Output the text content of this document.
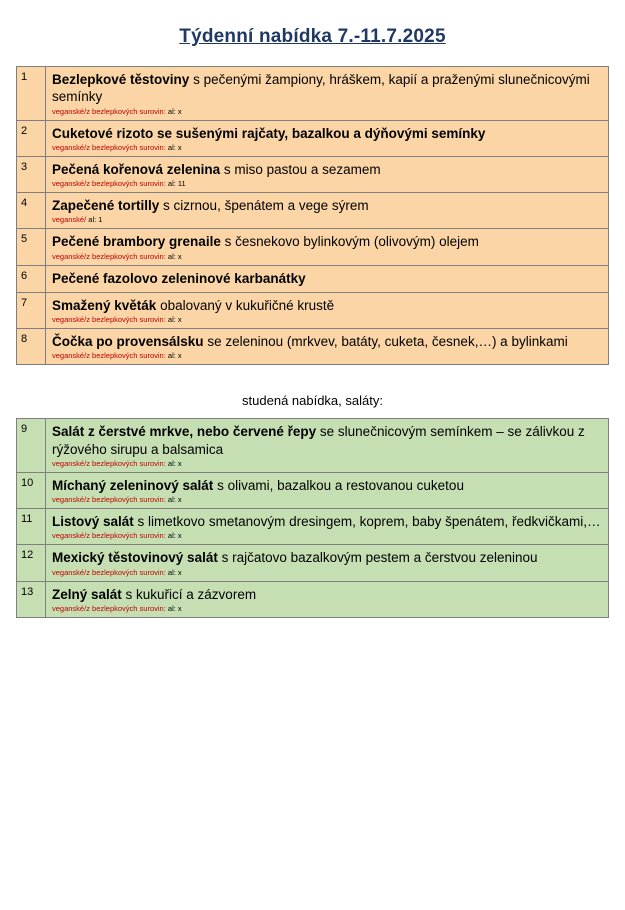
Týdenní nabídka 7.-11.7.2025
1	Bezlepkové těstoviny s pečenými žampiony, hráškem, kapií a praženými slunečnicovými semínky
veganské/z bezlepkových surovin: al: x

2	Cuketové rizoto se sušenými rajčaty, bazalkou a dýňovými semínky
veganské/z bezlepkových surovin: al: x

3	Pečená kořenová zelenina s miso pastou a sezamem
veganské/z bezlepkových surovin: al: 11

4	Zapečené tortilly s cizrnou, špenátem a vege sýrem
veganské/ al: 1

5	Pečené brambory grenaile s česnekovo bylinkovým (olivovým) olejem
veganské/z bezlepkových surovin: al: x

6	Pečené fazolovo zeleninové karbanátky

7	Smažený květák obalovaný v kukuřičné krustě
veganské/z bezlepkových surovin: al: x

8	Čočka po provensálsku se zeleninou (mrkvev, batáty, cuketa, česnek,…) a bylinkami
veganské/z bezlepkových surovin: al: x
studená nabídka, saláty:
9	Salát z čerstvé mrkve, nebo červené řepy se slunečnicovým semínkem – se zálivkou z rýžového sirupu a balsamica
veganské/z bezlepkových surovin: al: x

10	Míchaný zeleninový salát s olivami, bazalkou a restovanou cuketou
veganské/z bezlepkových surovin: al: x

11	Listový salát s limetkovo smetanovým dresingem, koprem, baby špenátem, ředkvičkami,…
veganské/z bezlepkových surovin: al: x

12	Mexický těstovinový salát s rajčatovo bazalkovým pestem a čerstvou zeleninou
veganské/z bezlepkových surovin: al: x

13	Zelný salát s kukuřicí a zázvorem
veganské/z bezlepkových surovin: al: x
